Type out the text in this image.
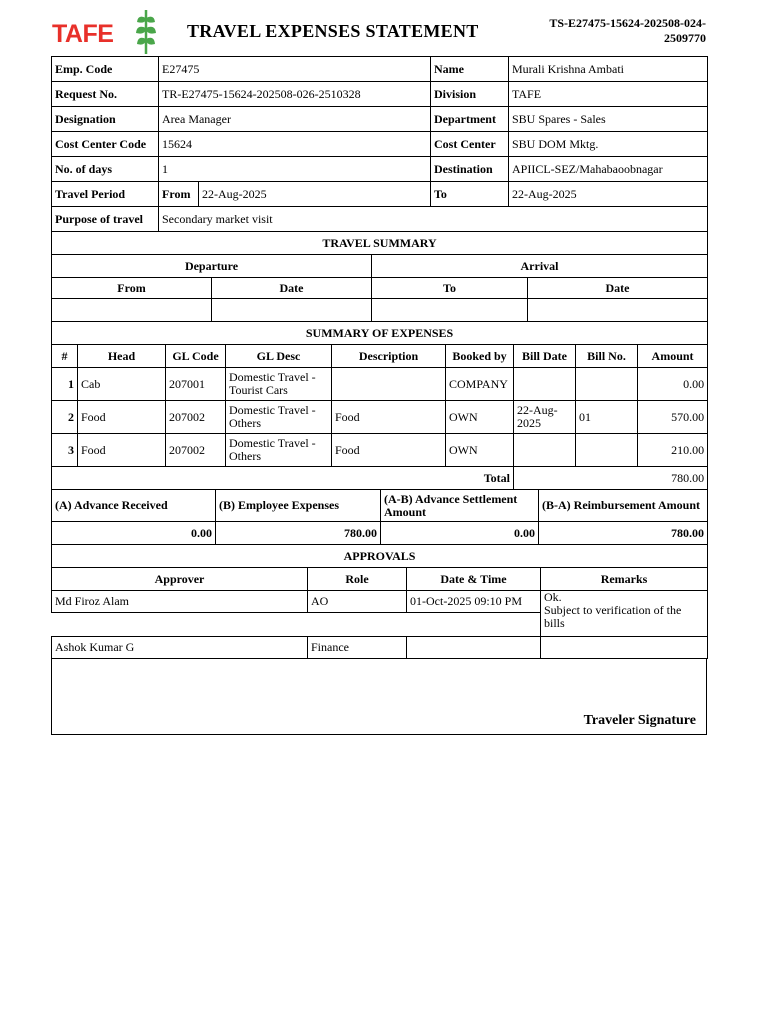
TAFE	TRAVEL EXPENSES STATEMENT	TS-E27475-15624-202508-024-
2509770
Emp. Code	E27475		Name	Murali Krishna Ambati
Request No.	TR-E27475-15624-202508-026-2510328		Division	TAFE
Designation	Area Manager		Department	SBU Spares - Sales
Cost Center Code	15624		Cost Center	SBU DOM Mktg.
No. of days	1		Destination	APIICL-SEZ/Mahabaoobnagar
Travel Period	From	22-Aug-2025	To	22-Aug-2025
Purpose of travel	Secondary market visit			
TRAVEL SUMMARY			
Departure		Arrival	
From	Date	To	Date

SUMMARY OF EXPENSES								
#	Head	GL Code	GL Desc	Description	Booked by	Bill Date	Bill No.	Amount
1	Cab	207001	Domestic Travel - Tourist Cars		COMPANY			0.00
2	Food	207002	Domestic Travel - Others	Food	OWN	22-Aug-2025	01	570.00
3	Food	207002	Domestic Travel - Others	Food	OWN			210.00
Total						780.00		
(A) Advance Received	(B) Employee Expenses	(A-B) Advance Settlement Amount	(B-A) Reimbursement Amount
0.00	780.00	0.00	780.00
APPROVALS			
Approver	Role	Date & Time	Remarks
Md Firoz Alam	AO	01-Oct-2025 09:10 PM	Ok.
Subject to verification of the bills

Ashok Kumar G	Finance		
Traveler Signature
